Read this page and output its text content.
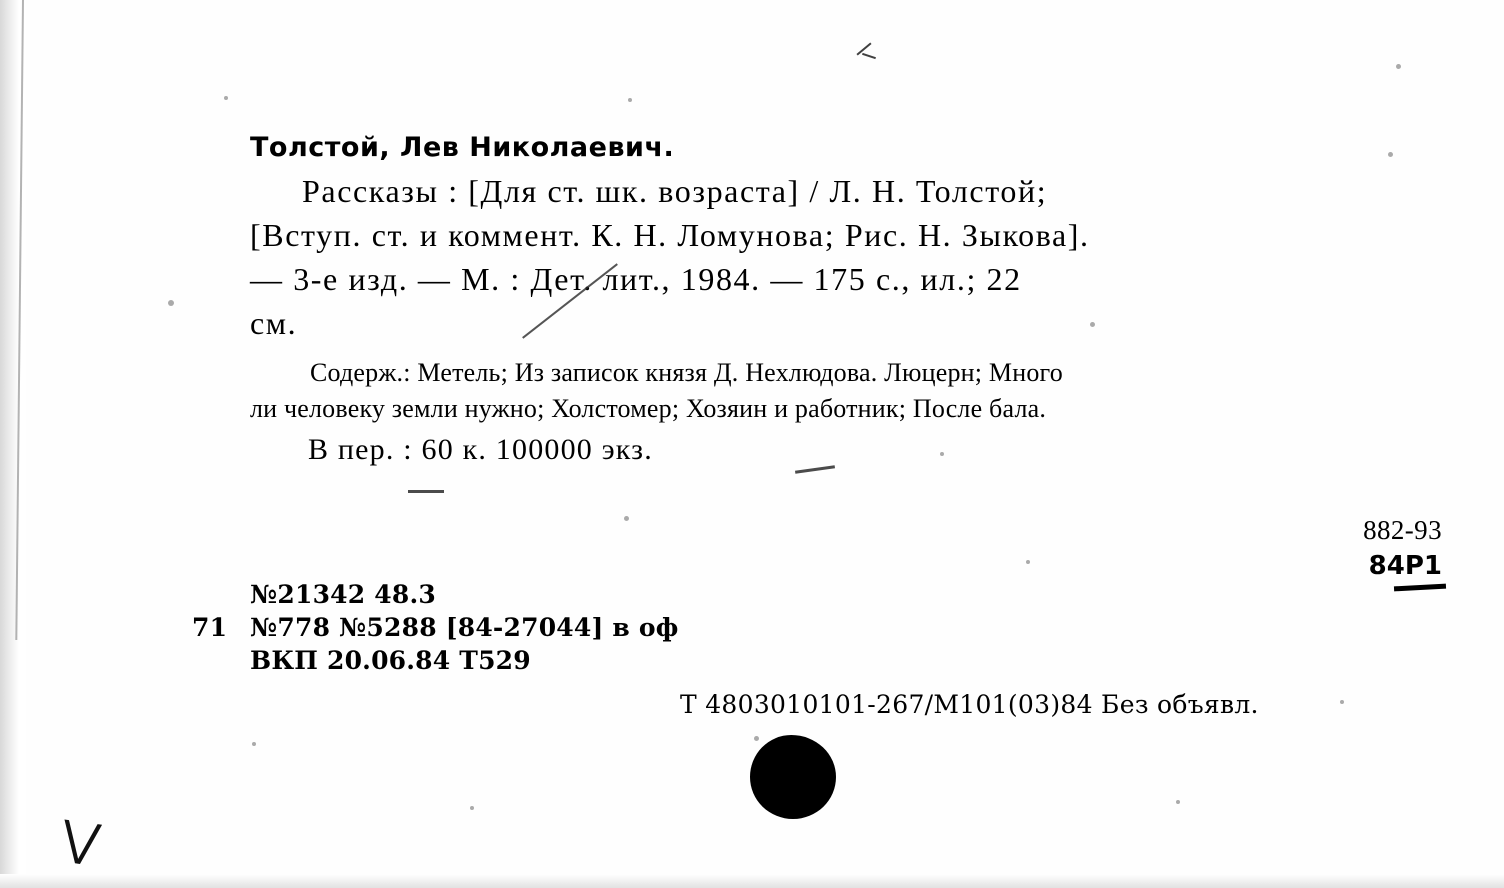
Толстой, Лев Николаевич.
Рассказы : [Для ст. шк. возраста] / Л. Н. Толстой;
[Вступ. ст. и коммент. К. Н. Ломунова; Рис. Н. Зыкова].
— 3-е изд. — М. : Дет. лит., 1984. — 175 с., ил.; 22
см.
Содерж.: Метель; Из записок князя Д. Нехлюдова. Люцерн; Много
ли человеку земли нужно; Холстомер; Хозяин и работник; После бала.
В пер. : 60 к. 100000 экз.
882-93
84Р1
№21342 48.3
71 №778 №5288 [84-27044] в оф
ВКП 20.06.84 Т529
Т 4803010101-267/М101(03)84 Без объявл.
⋁
